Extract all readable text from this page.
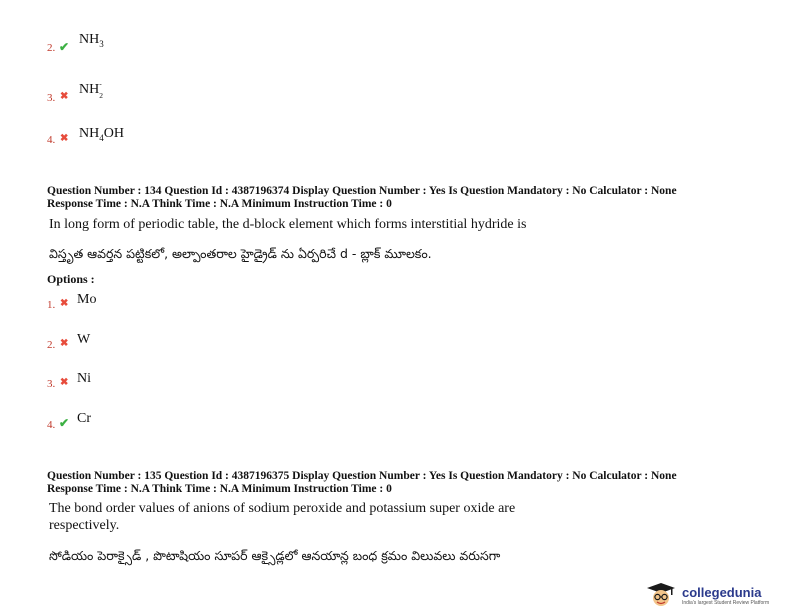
2. ✔ $NH_3$
3. ✖ NH -
$_2$
4. ✖ $NH_4OH$
Question Number : 134 Question Id : 4387196374 Display Question Number : Yes Is Question Mandatory : No Calculator : None
Response Time : N.A Think Time : N.A Minimum Instruction Time : 0
In long form of periodic table, the d-block element which forms interstitial hydride is
విస్తృత ఆవర్తన పట్టికలో, అల్పాంతరాల హైడ్రైడ్ ను ఏర్పరిచే d - బ్లాక్ మూలకం.
Options :
1. ✖ Mo
2. ✖ W
3. ✖ Ni
4. ✔ Cr
Question Number : 135 Question Id : 4387196375 Display Question Number : Yes Is Question Mandatory : No Calculator : None
Response Time : N.A Think Time : N.A Minimum Instruction Time : 0
The bond order values of anions of sodium peroxide and potassium super oxide are
respectively.
సోడియం పెరాక్సైడ్ , పొటాషియం సూపర్ ఆక్సైడ్లలో ఆనయాన్ల బంధ క్రమం విలువలు వరుసగా
collegedunia
India's largest Student Review Platform
